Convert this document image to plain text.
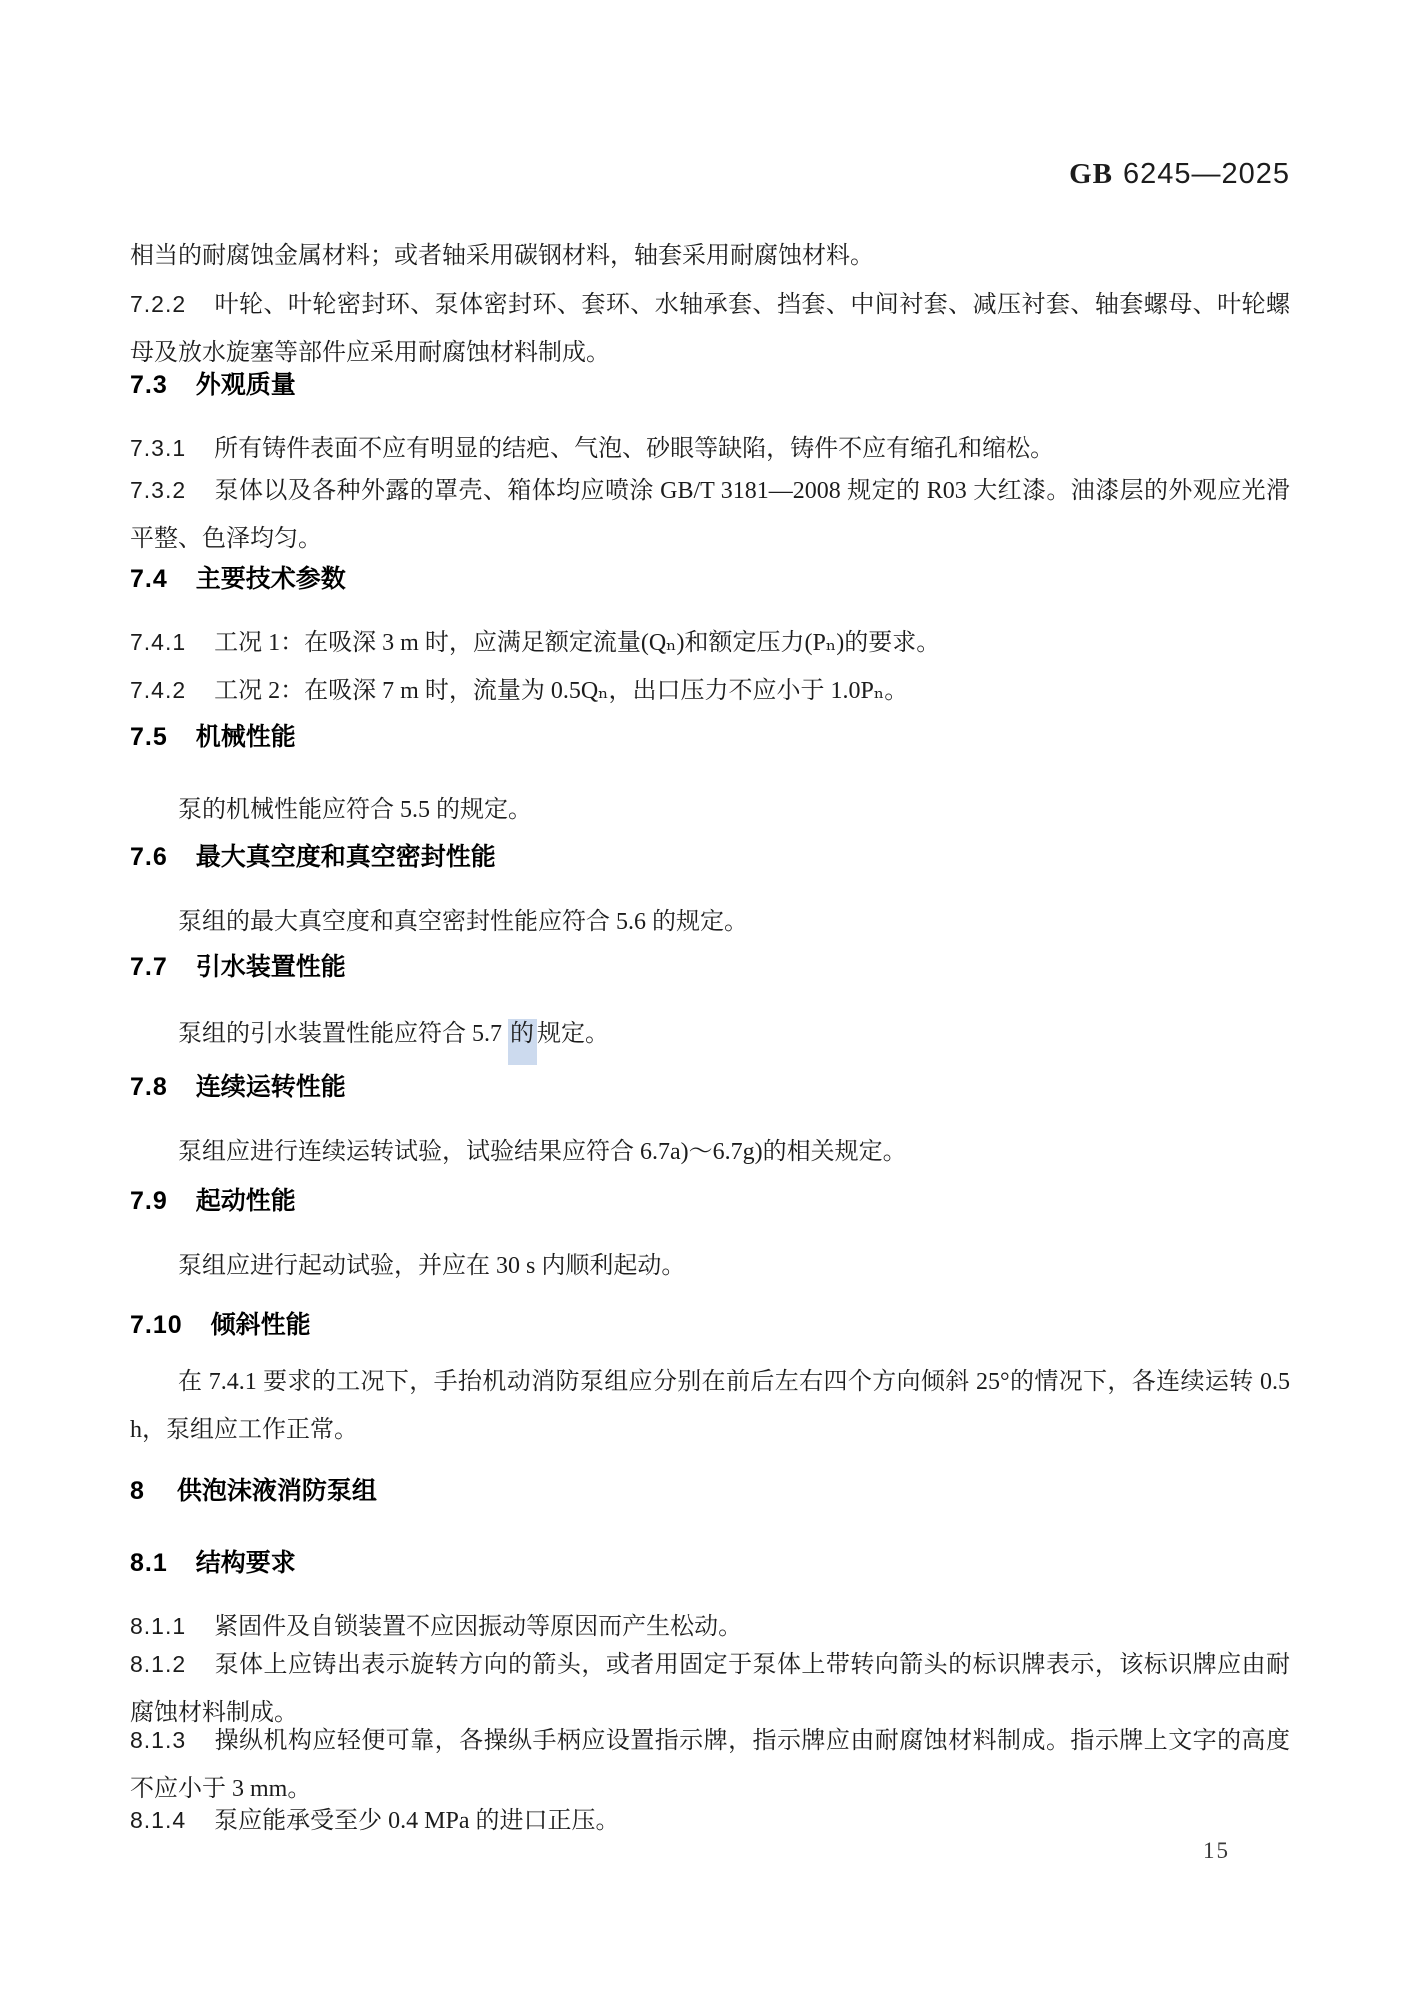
GB 6245—2025

相当的耐腐蚀金属材料；或者轴采用碳钢材料，轴套采用耐腐蚀材料。

7.2.2 叶轮、叶轮密封环、泵体密封环、套环、水轴承套、挡套、中间衬套、减压衬套、轴套螺母、叶轮螺母及放水旋塞等部件应采用耐腐蚀材料制成。

7.3 外观质量

7.3.1 所有铸件表面不应有明显的结疤、气泡、砂眼等缺陷，铸件不应有缩孔和缩松。

7.3.2 泵体以及各种外露的罩壳、箱体均应喷涂 GB/T 3181—2008 规定的 R03 大红漆。油漆层的外观应光滑平整、色泽均匀。

7.4 主要技术参数

7.4.1 工况 1：在吸深 3 m 时，应满足额定流量(Qₙ)和额定压力(Pₙ)的要求。

7.4.2 工况 2：在吸深 7 m 时，流量为 0.5Qₙ，出口压力不应小于 1.0Pₙ。

7.5 机械性能

泵的机械性能应符合 5.5 的规定。

7.6 最大真空度和真空密封性能

泵组的最大真空度和真空密封性能应符合 5.6 的规定。

7.7 引水装置性能

泵组的引水装置性能应符合 5.7 的 规定。

7.8 连续运转性能

泵组应进行连续运转试验，试验结果应符合 6.7a)～6.7g)的相关规定。

7.9 起动性能

泵组应进行起动试验，并应在 30 s 内顺利起动。

7.10 倾斜性能

在 7.4.1 要求的工况下，手抬机动消防泵组应分别在前后左右四个方向倾斜 25°的情况下，各连续运转 0.5 h，泵组应工作正常。

8 供泡沫液消防泵组
8.1 结构要求

8.1.1 紧固件及自锁装置不应因振动等原因而产生松动。

8.1.2 泵体上应铸出表示旋转方向的箭头，或者用固定于泵体上带转向箭头的标识牌表示，该标识牌应由耐腐蚀材料制成。

8.1.3 操纵机构应轻便可靠，各操纵手柄应设置指示牌，指示牌应由耐腐蚀材料制成。指示牌上文字的高度不应小于 3 mm。

8.1.4 泵应能承受至少 0.4 MPa 的进口正压。

15
